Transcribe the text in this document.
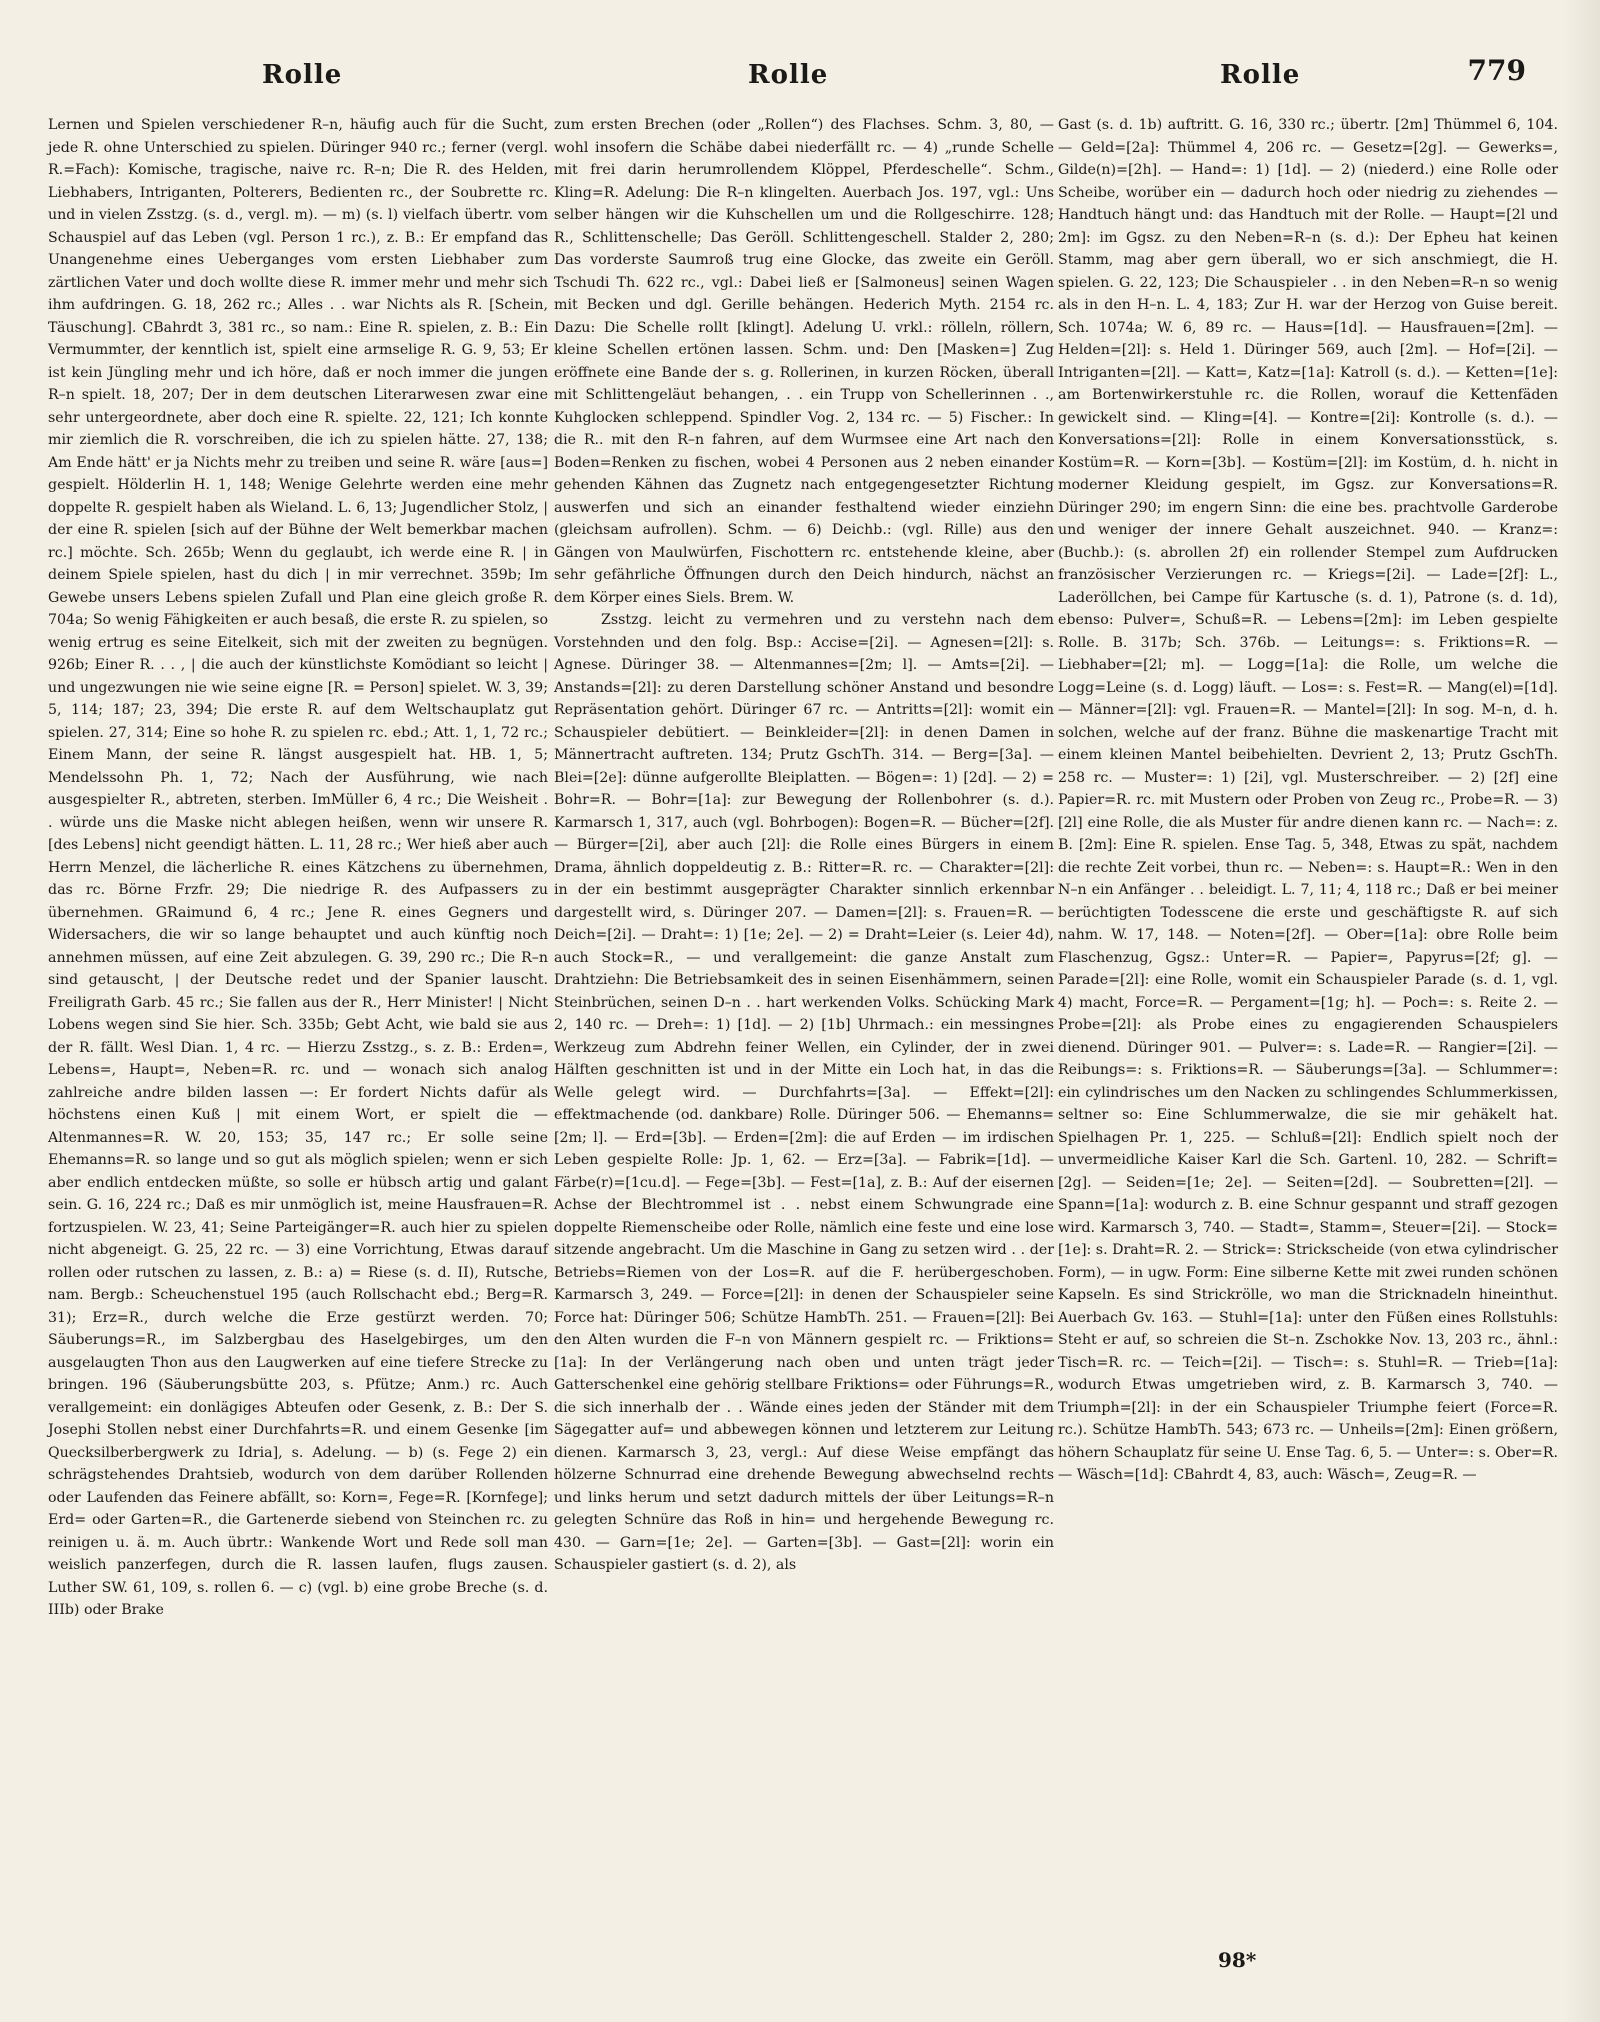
Rolle	Rolle	Rolle	779
Lernen und Spielen verschiedener R–n, häufig auch für die Sucht, jede R. ohne Unterschied zu spielen. Düringer 940 rc.; ferner (vergl. R.=Fach): Komische, tragische, naive rc. R–n; Die R. des Helden, Liebhabers, Intriganten, Polterers, Bedienten rc., der Soubrette rc. und in vielen Zsstzg. (s. d., vergl. m). — m) (s. l) vielfach übertr. vom Schauspiel auf das Leben (vgl. Person 1 rc.), z. B.: Er empfand das Unangenehme eines Ueberganges vom ersten Liebhaber zum zärtlichen Vater und doch wollte diese R. immer mehr und mehr sich ihm aufdringen. G. 18, 262 rc.; Alles . . war Nichts als R. [Schein, Täuschung]. CBahrdt 3, 381 rc., so nam.: Eine R. spielen, z. B.: Ein Vermummter, der kenntlich ist, spielt eine armselige R. G. 9, 53; Er ist kein Jüngling mehr und ich höre, daß er noch immer die jungen R–n spielt. 18, 207; Der in dem deutschen Literarwesen zwar eine sehr untergeordnete, aber doch eine R. spielte. 22, 121; Ich konnte mir ziemlich die R. vorschreiben, die ich zu spielen hätte. 27, 138; Am Ende hätt' er ja Nichts mehr zu treiben und seine R. wäre [aus=] gespielt. Hölderlin H. 1, 148; Wenige Gelehrte werden eine mehr doppelte R. gespielt haben als Wieland. L. 6, 13; Jugendlicher Stolz, | der eine R. spielen [sich auf der Bühne der Welt bemerkbar machen rc.] möchte. Sch. 265b; Wenn du geglaubt, ich werde eine R. | in deinem Spiele spielen, hast du dich | in mir verrechnet. 359b; Im Gewebe unsers Lebens spielen Zufall und Plan eine gleich große R. 704a; So wenig Fähigkeiten er auch besaß, die erste R. zu spielen, so wenig ertrug es seine Eitelkeit, sich mit der zweiten zu begnügen. 926b; Einer R. . . , | die auch der künstlichste Komödiant so leicht | und ungezwungen nie wie seine eigne [R. = Person] spielet. W. 3, 39; 5, 114; 187; 23, 394; Die erste R. auf dem Weltschauplatz gut spielen. 27, 314; Eine so hohe R. zu spielen rc. ebd.; Att. 1, 1, 72 rc.; Einem Mann, der seine R. längst ausgespielt hat. HB. 1, 5; Mendelssohn Ph. 1, 72; Nach der Ausführung, wie nach ausgespielter R., abtreten, sterben. ImMüller 6, 4 rc.; Die Weisheit . . würde uns die Maske nicht ablegen heißen, wenn wir unsere R. [des Lebens] nicht geendigt hätten. L. 11, 28 rc.; Wer hieß aber auch Herrn Menzel, die lächerliche R. eines Kätzchens zu übernehmen, das rc. Börne Frzfr. 29; Die niedrige R. des Aufpassers zu übernehmen. GRaimund 6, 4 rc.; Jene R. eines Gegners und Widersachers, die wir so lange behauptet und auch künftig noch annehmen müssen, auf eine Zeit abzulegen. G. 39, 290 rc.; Die R–n sind getauscht, | der Deutsche redet und der Spanier lauscht. Freiligrath Garb. 45 rc.; Sie fallen aus der R., Herr Minister! | Nicht Lobens wegen sind Sie hier. Sch. 335b; Gebt Acht, wie bald sie aus der R. fällt. Wesl Dian. 1, 4 rc. — Hierzu Zsstzg., s. z. B.: Erden=, Lebens=, Haupt=, Neben=R. rc. und — wonach sich analog zahlreiche andre bilden lassen —: Er fordert Nichts dafür als höchstens einen Kuß | mit einem Wort, er spielt die — Altenmannes=R. W. 20, 153; 35, 147 rc.; Er solle seine Ehemanns=R. so lange und so gut als möglich spielen; wenn er sich aber endlich entdecken müßte, so solle er hübsch artig und galant sein. G. 16, 224 rc.; Daß es mir unmöglich ist, meine Hausfrauen=R. fortzuspielen. W. 23, 41; Seine Parteigänger=R. auch hier zu spielen nicht abgeneigt. G. 25, 22 rc. — 3) eine Vorrichtung, Etwas darauf rollen oder rutschen zu lassen, z. B.: a) = Riese (s. d. II), Rutsche, nam. Bergb.: Scheuchenstuel 195 (auch Rollschacht ebd.; Berg=R. 31); Erz=R., durch welche die Erze gestürzt werden. 70; Säuberungs=R., im Salzbergbau des Haselgebirges, um den ausgelaugten Thon aus den Laugwerken auf eine tiefere Strecke zu bringen. 196 (Säuberungsbütte 203, s. Pfütze; Anm.) rc. Auch verallgemeint: ein donlägiges Abteufen oder Gesenk, z. B.: Der S. Josephi Stollen nebst einer Durchfahrts=R. und einem Gesenke [im Quecksilberbergwerk zu Idria], s. Adelung. — b) (s. Fege 2) ein schrägstehendes Drahtsieb, wodurch von dem darüber Rollenden oder Laufenden das Feinere abfällt, so: Korn=, Fege=R. [Kornfege]; Erd= oder Garten=R., die Gartenerde siebend von Steinchen rc. zu reinigen u. ä. m. Auch übrtr.: Wankende Wort und Rede soll man weislich panzerfegen, durch die R. lassen laufen, flugs zausen. Luther SW. 61, 109, s. rollen 6. — c) (vgl. b) eine grobe Breche (s. d. IIIb) oder Brake
zum ersten Brechen (oder „Rollen“) des Flachses. Schm. 3, 80, — wohl insofern die Schäbe dabei niederfällt rc. — 4) „runde Schelle mit frei darin herumrollendem Klöppel, Pferdeschelle“. Schm., Kling=R. Adelung: Die R–n klingelten. Auerbach Jos. 197, vgl.: Uns selber hängen wir die Kuhschellen um und die Rollgeschirre. 128; R., Schlittenschelle; Das Geröll. Schlittengeschell. Stalder 2, 280; Das vorderste Saumroß trug eine Glocke, das zweite ein Geröll. Tschudi Th. 622 rc., vgl.: Dabei ließ er [Salmoneus] seinen Wagen mit Becken und dgl. Gerille behängen. Hederich Myth. 2154 rc. Dazu: Die Schelle rollt [klingt]. Adelung U. vrkl.: rölleln, röllern, kleine Schellen ertönen lassen. Schm. und: Den [Masken=] Zug eröffnete eine Bande der s. g. Rollerinen, in kurzen Röcken, überall mit Schlittengeläut behangen, . . ein Trupp von Schellerinnen . ., Kuhglocken schleppend. Spindler Vog. 2, 134 rc. — 5) Fischer.: In die R.. mit den R–n fahren, auf dem Wurmsee eine Art nach den Boden=Renken zu fischen, wobei 4 Personen aus 2 neben einander gehenden Kähnen das Zugnetz nach entgegengesetzter Richtung auswerfen und sich an einander festhaltend wieder einziehn (gleichsam aufrollen). Schm. — 6) Deichb.: (vgl. Rille) aus den Gängen von Maulwürfen, Fischottern rc. entstehende kleine, aber sehr gefährliche Öffnungen durch den Deich hindurch, nächst an dem Körper eines Siels. Brem. W.
Zsstzg. leicht zu vermehren und zu verstehn nach dem Vorstehnden und den folg. Bsp.: Accise=[2i]. — Agnesen=[2l]: s. Agnese. Düringer 38. — Altenmannes=[2m; l]. — Amts=[2i]. — Anstands=[2l]: zu deren Darstellung schöner Anstand und besondre Repräsentation gehört. Düringer 67 rc. — Antritts=[2l]: womit ein Schauspieler debütiert. — Beinkleider=[2l]: in denen Damen in Männertracht auftreten. 134; Prutz GschTh. 314. — Berg=[3a]. — Blei=[2e]: dünne aufgerollte Bleiplatten. — Bögen=: 1) [2d]. — 2) = Bohr=R. — Bohr=[1a]: zur Bewegung der Rollenbohrer (s. d.). Karmarsch 1, 317, auch (vgl. Bohrbogen): Bogen=R. — Bücher=[2f]. — Bürger=[2i], aber auch [2l]: die Rolle eines Bürgers in einem Drama, ähnlich doppeldeutig z. B.: Ritter=R. rc. — Charakter=[2l]: in der ein bestimmt ausgeprägter Charakter sinnlich erkennbar dargestellt wird, s. Düringer 207. — Damen=[2l]: s. Frauen=R. — Deich=[2i]. — Draht=: 1) [1e; 2e]. — 2) = Draht=Leier (s. Leier 4d), auch Stock=R., — und verallgemeint: die ganze Anstalt zum Drahtziehn: Die Betriebsamkeit des in seinen Eisenhämmern, seinen Steinbrüchen, seinen D–n . . hart werkenden Volks. Schücking Mark 2, 140 rc. — Dreh=: 1) [1d]. — 2) [1b] Uhrmach.: ein messingnes Werkzeug zum Abdrehn feiner Wellen, ein Cylinder, der in zwei Hälften geschnitten ist und in der Mitte ein Loch hat, in das die Welle gelegt wird. — Durchfahrts=[3a]. — Effekt=[2l]: effektmachende (od. dankbare) Rolle. Düringer 506. — Ehemanns=[2m; l]. — Erd=[3b]. — Erden=[2m]: die auf Erden — im irdischen Leben gespielte Rolle: Jp. 1, 62. — Erz=[3a]. — Fabrik=[1d]. — Färbe(r)=[1cu.d]. — Fege=[3b]. — Fest=[1a], z. B.: Auf der eisernen Achse der Blechtrommel ist . . nebst einem Schwungrade eine doppelte Riemenscheibe oder Rolle, nämlich eine feste und eine lose sitzende angebracht. Um die Maschine in Gang zu setzen wird . . der Betriebs=Riemen von der Los=R. auf die F. herübergeschoben. Karmarsch 3, 249. — Force=[2l]: in denen der Schauspieler seine Force hat: Düringer 506; Schütze HambTh. 251. — Frauen=[2l]: Bei den Alten wurden die F–n von Männern gespielt rc. — Friktions=[1a]: In der Verlängerung nach oben und unten trägt jeder Gatterschenkel eine gehörig stellbare Friktions= oder Führungs=R., die sich innerhalb der . . Wände eines jeden der Ständer mit dem Sägegatter auf= und abbewegen können und letzterem zur Leitung dienen. Karmarsch 3, 23, vergl.: Auf diese Weise empfängt das hölzerne Schnurrad eine drehende Bewegung abwechselnd rechts und links herum und setzt dadurch mittels der über Leitungs=R–n gelegten Schnüre das Roß in hin= und hergehende Bewegung rc. 430. — Garn=[1e; 2e]. — Garten=[3b]. — Gast=[2l]: worin ein Schauspieler gastiert (s. d. 2), als
Gast (s. d. 1b) auftritt. G. 16, 330 rc.; übertr. [2m] Thümmel 6, 104. — Geld=[2a]: Thümmel 4, 206 rc. — Gesetz=[2g]. — Gewerks=, Gilde(n)=[2h]. — Hand=: 1) [1d]. — 2) (niederd.) eine Rolle oder Scheibe, worüber ein — dadurch hoch oder niedrig zu ziehendes — Handtuch hängt und: das Handtuch mit der Rolle. — Haupt=[2l und 2m]: im Ggsz. zu den Neben=R–n (s. d.): Der Epheu hat keinen Stamm, mag aber gern überall, wo er sich anschmiegt, die H. spielen. G. 22, 123; Die Schauspieler . . in den Neben=R–n so wenig als in den H–n. L. 4, 183; Zur H. war der Herzog von Guise bereit. Sch. 1074a; W. 6, 89 rc. — Haus=[1d]. — Hausfrauen=[2m]. — Helden=[2l]: s. Held 1. Düringer 569, auch [2m]. — Hof=[2i]. — Intriganten=[2l]. — Katt=, Katz=[1a]: Katroll (s. d.). — Ketten=[1e]: am Bortenwirkerstuhle rc. die Rollen, worauf die Kettenfäden gewickelt sind. — Kling=[4]. — Kontre=[2i]: Kontrolle (s. d.). — Konversations=[2l]: Rolle in einem Konversationsstück, s. Kostüm=R. — Korn=[3b]. — Kostüm=[2l]: im Kostüm, d. h. nicht in moderner Kleidung gespielt, im Ggsz. zur Konversations=R. Düringer 290; im engern Sinn: die eine bes. prachtvolle Garderobe und weniger der innere Gehalt auszeichnet. 940. — Kranz=: (Buchb.): (s. abrollen 2f) ein rollender Stempel zum Aufdrucken französischer Verzierungen rc. — Kriegs=[2i]. — Lade=[2f]: L., Laderöllchen, bei Campe für Kartusche (s. d. 1), Patrone (s. d. 1d), ebenso: Pulver=, Schuß=R. — Lebens=[2m]: im Leben gespielte Rolle. B. 317b; Sch. 376b. — Leitungs=: s. Friktions=R. — Liebhaber=[2l; m]. — Logg=[1a]: die Rolle, um welche die Logg=Leine (s. d. Logg) läuft. — Los=: s. Fest=R. — Mang(el)=[1d]. — Männer=[2l]: vgl. Frauen=R. — Mantel=[2l]: In sog. M–n, d. h. solchen, welche auf der franz. Bühne die maskenartige Tracht mit einem kleinen Mantel beibehielten. Devrient 2, 13; Prutz GschTh. 258 rc. — Muster=: 1) [2i], vgl. Musterschreiber. — 2) [2f] eine Papier=R. rc. mit Mustern oder Proben von Zeug rc., Probe=R. — 3) [2l] eine Rolle, die als Muster für andre dienen kann rc. — Nach=: z. B. [2m]: Eine R. spielen. Ense Tag. 5, 348, Etwas zu spät, nachdem die rechte Zeit vorbei, thun rc. — Neben=: s. Haupt=R.: Wen in den N–n ein Anfänger . . beleidigt. L. 7, 11; 4, 118 rc.; Daß er bei meiner berüchtigten Todesscene die erste und geschäftigste R. auf sich nahm. W. 17, 148. — Noten=[2f]. — Ober=[1a]: obre Rolle beim Flaschenzug, Ggsz.: Unter=R. — Papier=, Papyrus=[2f; g]. — Parade=[2l]: eine Rolle, womit ein Schauspieler Parade (s. d. 1, vgl. 4) macht, Force=R. — Pergament=[1g; h]. — Poch=: s. Reite 2. — Probe=[2l]: als Probe eines zu engagierenden Schauspielers dienend. Düringer 901. — Pulver=: s. Lade=R. — Rangier=[2i]. — Reibungs=: s. Friktions=R. — Säuberungs=[3a]. — Schlummer=: ein cylindrisches um den Nacken zu schlingendes Schlummerkissen, seltner so: Eine Schlummerwalze, die sie mir gehäkelt hat. Spielhagen Pr. 1, 225. — Schluß=[2l]: Endlich spielt noch der unvermeidliche Kaiser Karl die Sch. Gartenl. 10, 282. — Schrift=[2g]. — Seiden=[1e; 2e]. — Seiten=[2d]. — Soubretten=[2l]. — Spann=[1a]: wodurch z. B. eine Schnur gespannt und straff gezogen wird. Karmarsch 3, 740. — Stadt=, Stamm=, Steuer=[2i]. — Stock=[1e]: s. Draht=R. 2. — Strick=: Strickscheide (von etwa cylindrischer Form), — in ugw. Form: Eine silberne Kette mit zwei runden schönen Kapseln. Es sind Strickrölle, wo man die Stricknadeln hineinthut. Auerbach Gv. 163. — Stuhl=[1a]: unter den Füßen eines Rollstuhls: Steht er auf, so schreien die St–n. Zschokke Nov. 13, 203 rc., ähnl.: Tisch=R. rc. — Teich=[2i]. — Tisch=: s. Stuhl=R. — Trieb=[1a]: wodurch Etwas umgetrieben wird, z. B. Karmarsch 3, 740. — Triumph=[2l]: in der ein Schauspieler Triumphe feiert (Force=R. rc.). Schütze HambTh. 543; 673 rc. — Unheils=[2m]: Einen größern, höhern Schauplatz für seine U. Ense Tag. 6, 5. — Unter=: s. Ober=R. — Wäsch=[1d]: CBahrdt 4, 83, auch: Wäsch=, Zeug=R. —
98*
